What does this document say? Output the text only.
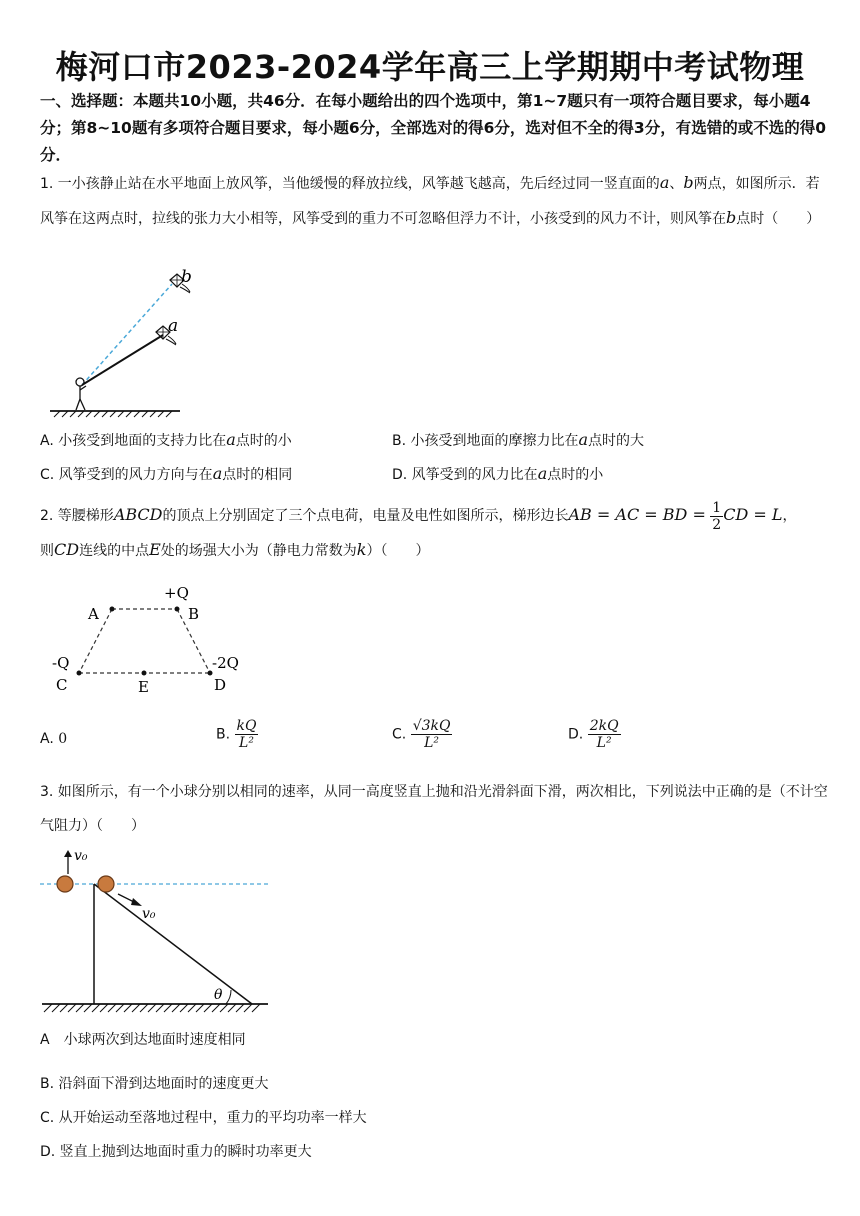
梅河口市2023-2024学年高三上学期期中考试物理
一、选择题：本题共10小题，共46分．在每小题给出的四个选项中，第1~7题只有一项符合题目要求，每小题4分；第8~10题有多项符合题目要求，每小题6分，全部选对的得6分，选对但不全的得3分，有选错的或不选的得0分．
1. 一小孩静止站在水平地面上放风筝，当他缓慢的释放拉线，风筝越飞越高，先后经过同一竖直面的a、b两点，如图所示．若风筝在这两点时，拉线的张力大小相等，风筝受到的重力不可忽略但浮力不计，小孩受到的风力不计，则风筝在b点时（　　）
b
a
A. 小孩受到地面的支持力比在a点时的小	B. 小孩受到地面的摩擦力比在a点时的大
C. 风筝受到的风力方向与在a点时的相同	D. 风筝受到的风力比在a点时的小
2. 等腰梯形ABCD的顶点上分别固定了三个点电荷，电量及电性如图所示，梯形边长AB = AC = BD = $\frac{1}{2}$ CD = L，
则CD连线的中点E处的场强大小为（静电力常数为k）（　　）
A	B
+Q
-Q	-2Q
C	D
E
A. 0	B. $\frac{kQ}{\text{L²}}$	C. $\frac{√3kQ}{\text{L²}}$	D. $\frac{2kQ}{\text{L²}}$
3. 如图所示，有一个小球分别以相同的速率，从同一高度竖直上抛和沿光滑斜面下滑，两次相比，下列说法中正确的是（不计空气阻力）（　　）
v₀
v₀
θ
A　小球两次到达地面时速度相同
B. 沿斜面下滑到达地面时的速度更大
C. 从开始运动至落地过程中，重力的平均功率一样大
D. 竖直上抛到达地面时重力的瞬时功率更大
